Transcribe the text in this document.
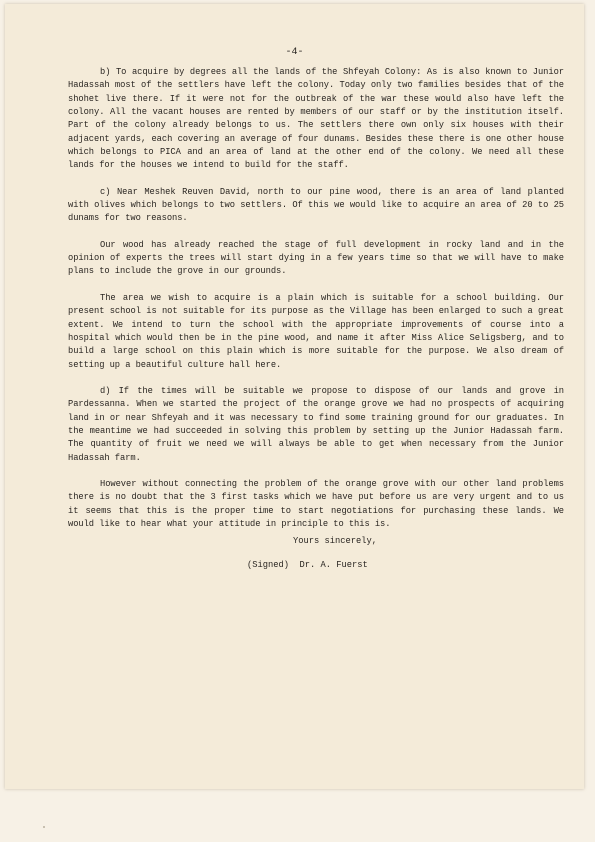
-4-

b) To acquire by degrees all the lands of the Shfeyah Colony: As is also known to Junior Hadassah most of the settlers have left the colony. Today only two families besides that of the shohet live there. If it were not for the outbreak of the war these would also have left the colony. All the vacant houses are rented by members of our staff or by the institution itself. Part of the colony already belongs to us. The settlers there own only six houses with their adjacent yards, each covering an average of four dunams. Besides these there is one other house which belongs to PICA and an area of land at the other end of the colony. We need all these lands for the houses we intend to build for the staff.

c) Near Meshek Reuven David, north to our pine wood, there is an area of land planted with olives which belongs to two settlers. Of this we would like to acquire an area of 20 to 25 dunams for two reasons.

Our wood has already reached the stage of full development in rocky land and in the opinion of experts the trees will start dying in a few years time so that we will have to make plans to include the grove in our grounds.

The area we wish to acquire is a plain which is suitable for a school building. Our present school is not suitable for its purpose as the Village has been enlarged to such a great extent. We intend to turn the school with the appropriate improvements of course into a hospital which would then be in the pine wood, and name it after Miss Alice Seligsberg, and to build a large school on this plain which is more suitable for the purpose. We also dream of setting up a beautiful culture hall here.

d) If the times will be suitable we propose to dispose of our lands and grove in Pardessanna. When we started the project of the orange grove we had no prospects of acquiring land in or near Shfeyah and it was necessary to find some training ground for our graduates. In the meantime we had succeeded in solving this problem by setting up the Junior Hadassah farm. The quantity of fruit we need we will always be able to get when necessary from the Junior Hadassah farm.

However without connecting the problem of the orange grove with our other land problems there is no doubt that the 3 first tasks which we have put before us are very urgent and to us it seems that this is the proper time to start negotiations for purchasing these lands. We would like to hear what your attitude in principle to this is.

Yours sincerely,
(Signed)  Dr. A. Fuerst
